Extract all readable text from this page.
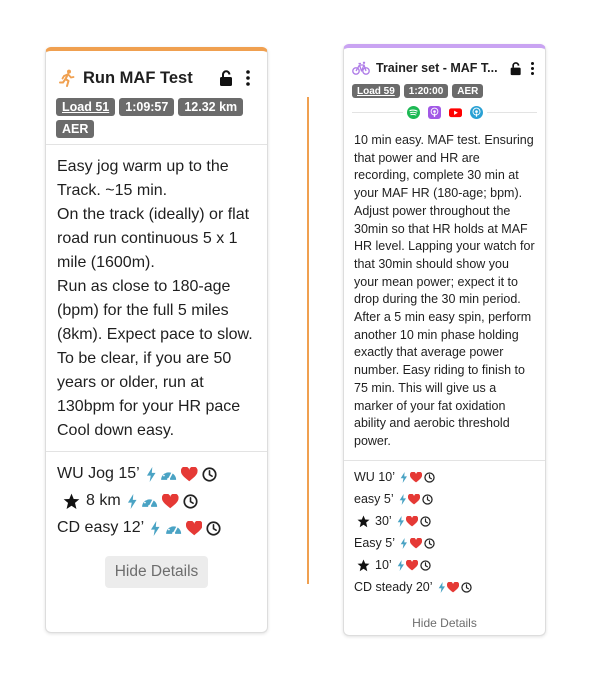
Run MAF Test
Load 51	1:09:57	12.32 km
AER

Easy jog warm up to the Track. ~15 min.

On the track (ideally) or flat road run continuous 5 x 1 mile (1600m).

Run as close to 180-age (bpm) for the full 5 miles (8km). Expect pace to slow.

To be clear, if you are 50 years or older, run at 130bpm for your HR pace

Cool down easy.

WU Jog 15’
8 km
CD easy 12’
Hide Details
Trainer set - MAF T...
Load 59	1:20:00	AER
10 min easy. MAF test. Ensuring that power and HR are recording, complete 30 min at your MAF HR (180-age; bpm). Adjust power throughout the 30min so that HR holds at MAF HR level. Lapping your watch for that 30min should show you your mean power; expect it to drop during the 30 min period. After a 5 min easy spin, perform another 10 min phase holding exactly that average power number. Easy riding to finish to 75 min. This will give us a marker of your fat oxidation ability and aerobic threshold power.
WU 10’
easy 5’
30’
Easy 5’
10’
CD steady 20’
Hide Details
